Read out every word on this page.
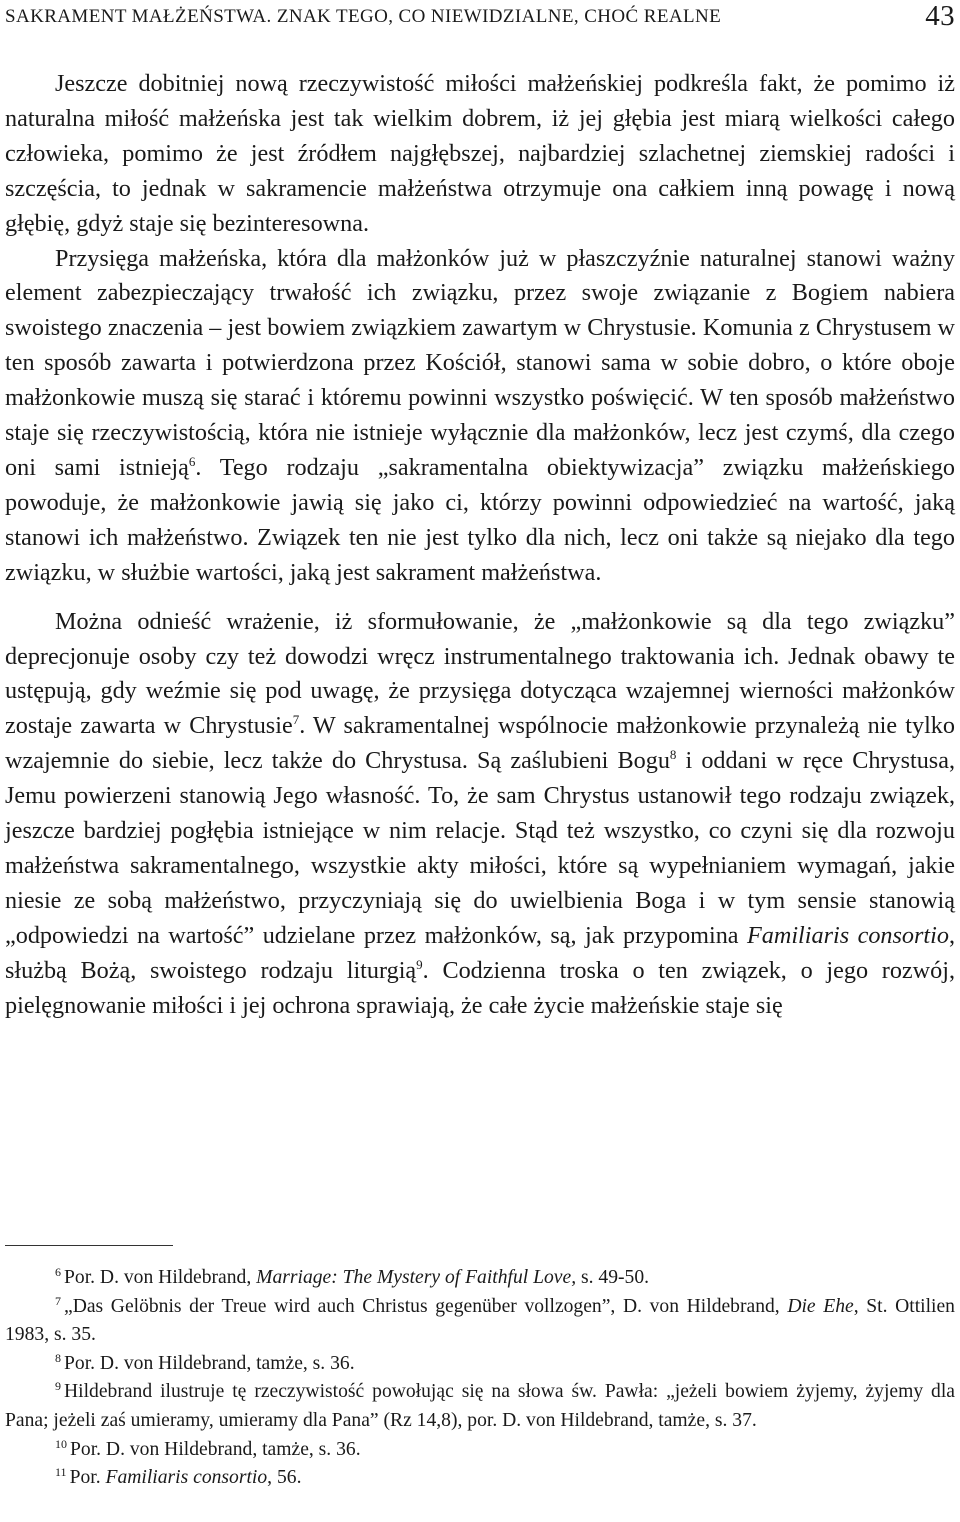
SAKRAMENT MAŁŻEŃSTWA. ZNAK TEGO, CO NIEWIDZIALNE, CHOĆ REALNE	43

Jeszcze dobitniej nową rzeczywistość miłości małżeńskiej podkreśla fakt, że pomimo iż naturalna miłość małżeńska jest tak wielkim dobrem, iż jej głębia jest miarą wielkości całego człowieka, pomimo że jest źródłem najgłębszej, najbardziej szlachetnej ziemskiej radości i szczęścia, to jednak w sakramencie małżeństwa otrzymuje ona całkiem inną powagę i nową głębię, gdyż staje się bezinteresowna.

Przysięga małżeńska, która dla małżonków już w płaszczyźnie naturalnej stanowi ważny element zabezpieczający trwałość ich związku, przez swoje związanie z Bogiem nabiera swoistego znaczenia – jest bowiem związkiem zawartym w Chrystusie. Komunia z Chrystusem w ten sposób zawarta i potwierdzona przez Kościół, stanowi sama w sobie dobro, o które oboje małżonkowie muszą się starać i któremu powinni wszystko poświęcić. W ten sposób małżeństwo staje się rzeczywistością, która nie istnieje wyłącznie dla małżonków, lecz jest czymś, dla czego oni sami istnieją$^6$. Tego rodzaju „sakramentalna obiektywizacja” związku małżeńskiego powoduje, że małżonkowie jawią się jako ci, którzy powinni odpowiedzieć na wartość, jaką stanowi ich małżeństwo. Związek ten nie jest tylko dla nich, lecz oni także są niejako dla tego związku, w służbie wartości, jaką jest sakrament małżeństwa.

Można odnieść wrażenie, iż sformułowanie, że „małżonkowie są dla tego związku” deprecjonuje osoby czy też dowodzi wręcz instrumentalnego traktowania ich. Jednak obawy te ustępują, gdy weźmie się pod uwagę, że przysięga dotycząca wzajemnej wierności małżonków zostaje zawarta w Chrystusie$^7$. W sakramentalnej wspólnocie małżonkowie przynależą nie tylko wzajemnie do siebie, lecz także do Chrystusa. Są zaślubieni Bogu$^8$ i oddani w ręce Chrystusa, Jemu powierzeni stanowią Jego własność. To, że sam Chrystus ustanowił tego rodzaju związek, jeszcze bardziej pogłębia istniejące w nim relacje. Stąd też wszystko, co czyni się dla rozwoju małżeństwa sakramentalnego, wszystkie akty miłości, które są wypełnianiem wymagań, jakie niesie ze sobą małżeństwo, przyczyniają się do uwielbienia Boga i w tym sensie stanowią „odpowiedzi na wartość” udzielane przez małżonków, są, jak przypomina Familiaris consortio, służbą Bożą, swoistego rodzaju liturgią$^9$. Codzienna troska o ten związek, o jego rozwój, pielęgnowanie miłości i jej ochrona sprawiają, że całe życie małżeńskie staje się

$^6$ Por. D. von Hildebrand, Marriage: The Mystery of Faithful Love, s. 49-50.

$^7$ „Das Gelöbnis der Treue wird auch Christus gegenüber vollzogen”, D. von Hildebrand, Die Ehe, St. Ottilien 1983, s. 35.

$^8$ Por. D. von Hildebrand, tamże, s. 36.

$^9$ Hildebrand ilustruje tę rzeczywistość powołując się na słowa św. Pawła: „jeżeli bowiem żyjemy, żyjemy dla Pana; jeżeli zaś umieramy, umieramy dla Pana” (Rz 14,8), por. D. von Hildebrand, tamże, s. 37.

$^{10}$ Por. D. von Hildebrand, tamże, s. 36.

$^{11}$ Por. Familiaris consortio, 56.
